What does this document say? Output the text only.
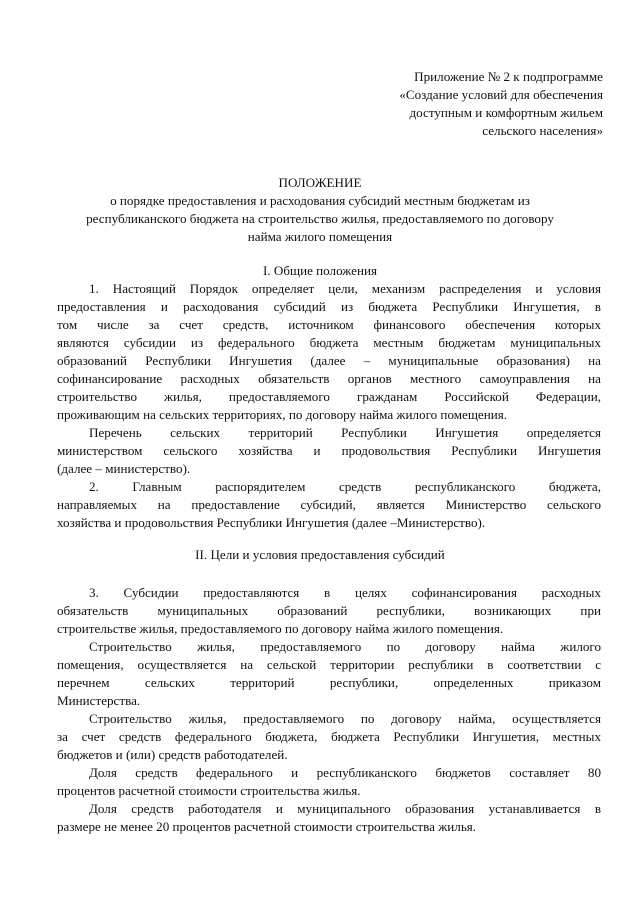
Приложение № 2 к подпрограмме
«Создание условий для обеспечения
доступным и комфортным жильем
сельского населения»
ПОЛОЖЕНИЕ
о порядке предоставления и расходования субсидий местным бюджетам из
республиканского бюджета на строительство жилья, предоставляемого по договору
найма жилого помещения
I. Общие положения
1. Настоящий Порядок определяет цели, механизм распределения и условия
предоставления и расходования субсидий из бюджета Республики Ингушетия, в
том числе за счет средств, источником финансового обеспечения которых
являются субсидии из федерального бюджета местным бюджетам муниципальных
образований Республики Ингушетия (далее – муниципальные образования) на
софинансирование расходных обязательств органов местного самоуправления на
строительство жилья, предоставляемого гражданам Российской Федерации,
проживающим на сельских территориях, по договору найма жилого помещения.
Перечень сельских территорий Республики Ингушетия определяется
министерством сельского хозяйства и продовольствия Республики Ингушетия
(далее – министерство).
2. Главным распорядителем средств республиканского бюджета,
направляемых на предоставление субсидий, является Министерство сельского
хозяйства и продовольствия Республики Ингушетия (далее –Министерство).
II. Цели и условия предоставления субсидий
3. Субсидии предоставляются в целях софинансирования расходных
обязательств муниципальных образований республики, возникающих при
строительстве жилья, предоставляемого по договору найма жилого помещения.
Строительство жилья, предоставляемого по договору найма жилого
помещения, осуществляется на сельской территории республики в соответствии с
перечнем сельских территорий республики, определенных приказом
Министерства.
Строительство жилья, предоставляемого по договору найма, осуществляется
за счет средств федерального бюджета, бюджета Республики Ингушетия, местных
бюджетов и (или) средств работодателей.
Доля средств федерального и республиканского бюджетов составляет 80
процентов расчетной стоимости строительства жилья.
Доля средств работодателя и муниципального образования устанавливается в
размере не менее 20 процентов расчетной стоимости строительства жилья.
